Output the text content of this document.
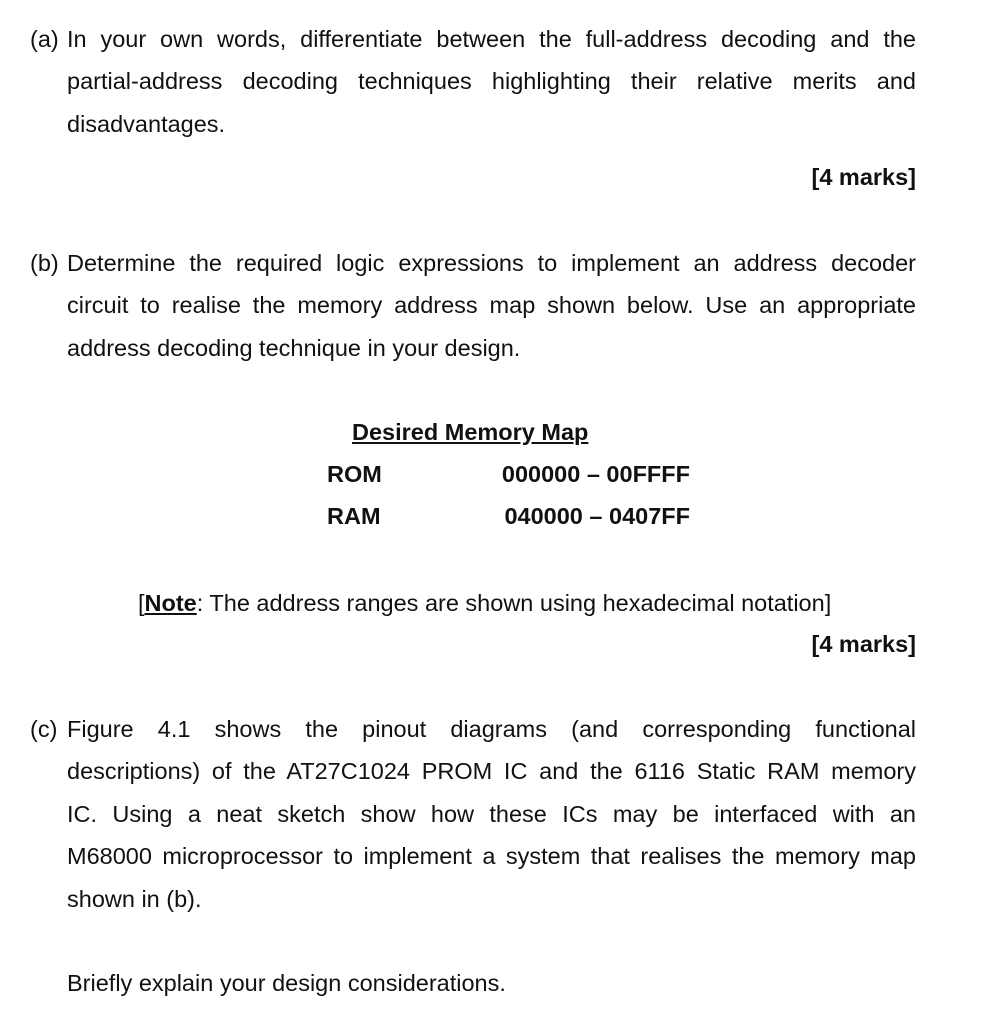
(a) In your own words, differentiate between the full-address decoding and the
partial-address decoding techniques highlighting their relative merits and
disadvantages.
[4 marks]
(b) Determine the required logic expressions to implement an address decoder
circuit to realise the memory address map shown below. Use an appropriate
address decoding technique in your design.
Desired Memory Map
ROM	000000 – 00FFFF
RAM	040000 – 0407FF
[Note: The address ranges are shown using hexadecimal notation]
[4 marks]
(c) Figure 4.1 shows the pinout diagrams (and corresponding functional
descriptions) of the AT27C1024 PROM IC and the 6116 Static RAM memory
IC. Using a neat sketch show how these ICs may be interfaced with an
M68000 microprocessor to implement a system that realises the memory map
shown in (b).
Briefly explain your design considerations.
